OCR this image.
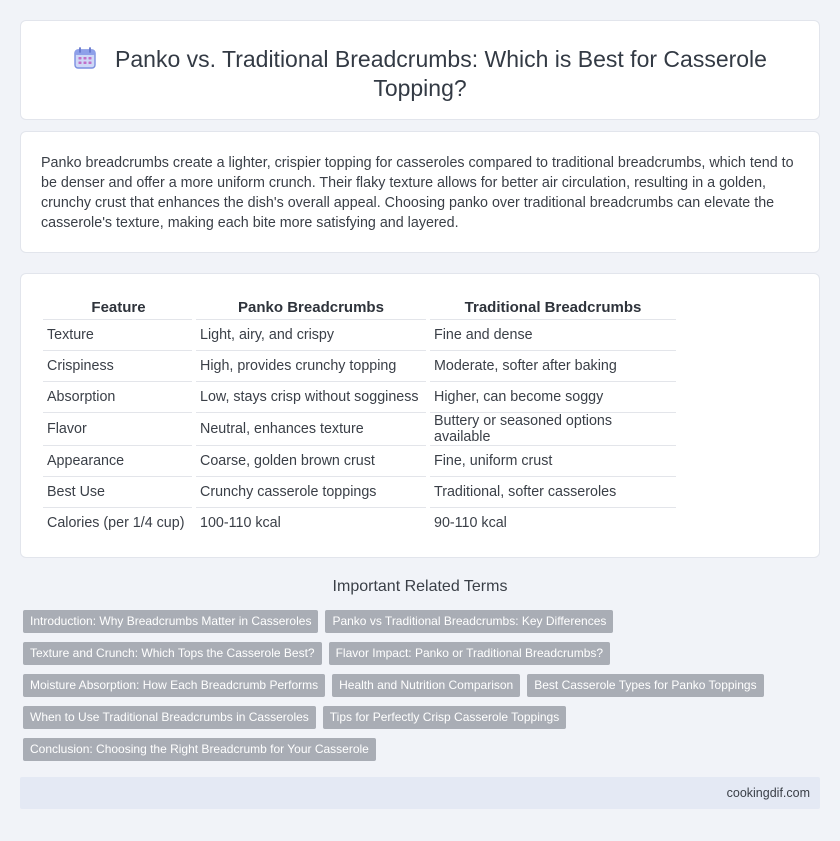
Panko vs. Traditional Breadcrumbs: Which is Best for Casserole Topping?

Panko breadcrumbs create a lighter, crispier topping for casseroles compared to traditional breadcrumbs, which tend to be denser and offer a more uniform crunch. Their flaky texture allows for better air circulation, resulting in a golden, crunchy crust that enhances the dish's overall appeal. Choosing panko over traditional breadcrumbs can elevate the casserole's texture, making each bite more satisfying and layered.

Feature	Panko Breadcrumbs	Traditional Breadcrumbs
Texture	Light, airy, and crispy	Fine and dense
Crispiness	High, provides crunchy topping	Moderate, softer after baking
Absorption	Low, stays crisp without sogginess	Higher, can become soggy
Flavor	Neutral, enhances texture	Buttery or seasoned options available
Appearance	Coarse, golden brown crust	Fine, uniform crust
Best Use	Crunchy casserole toppings	Traditional, softer casseroles
Calories (per 1/4 cup)	100-110 kcal	90-110 kcal
Important Related Terms
Introduction: Why Breadcrumbs Matter in Casseroles	Panko vs Traditional Breadcrumbs: Key Differences
Texture and Crunch: Which Tops the Casserole Best?	Flavor Impact: Panko or Traditional Breadcrumbs?
Moisture Absorption: How Each Breadcrumb Performs	Health and Nutrition Comparison	Best Casserole Types for Panko Toppings
When to Use Traditional Breadcrumbs in Casseroles	Tips for Perfectly Crisp Casserole Toppings
Conclusion: Choosing the Right Breadcrumb for Your Casserole
cookingdif.com
